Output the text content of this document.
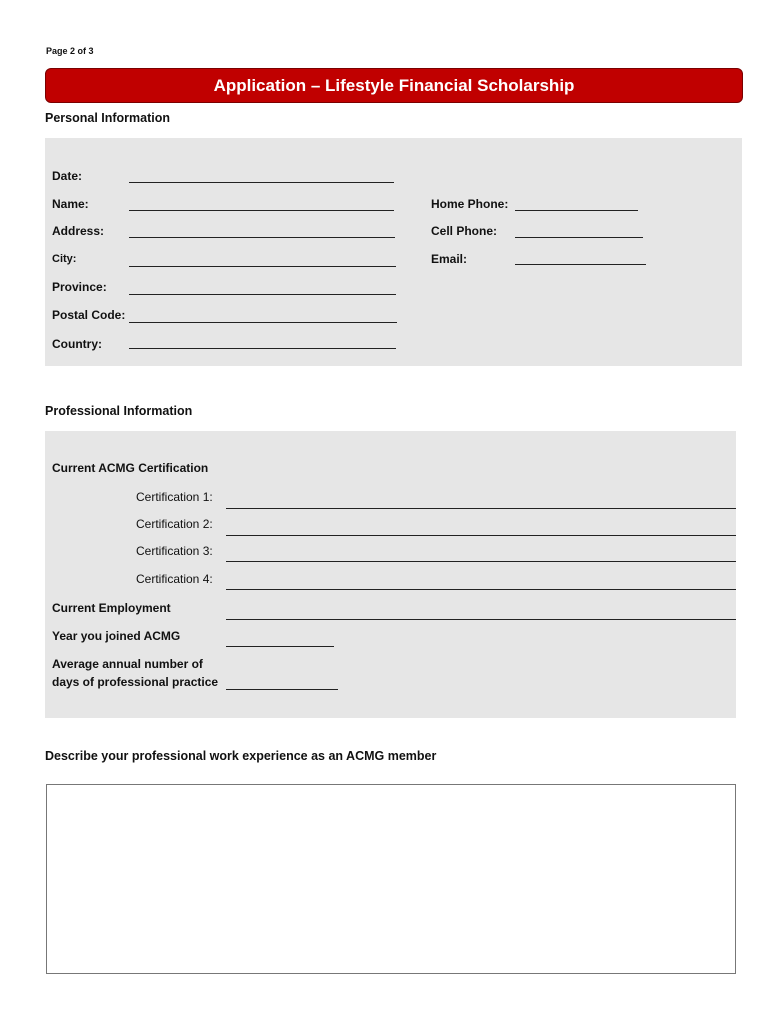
Page 2 of 3
Application – Lifestyle Financial Scholarship
Personal Information
Date:
Name:
Address:
City:
Province:
Postal Code:
Country:
Home Phone:
Cell Phone:
Email:
Professional Information
Current ACMG Certification
Certification 1:
Certification 2:
Certification 3:
Certification 4:
Current Employment
Year you joined ACMG
Average annual number of
days of professional practice
Describe your professional work experience as an ACMG member
